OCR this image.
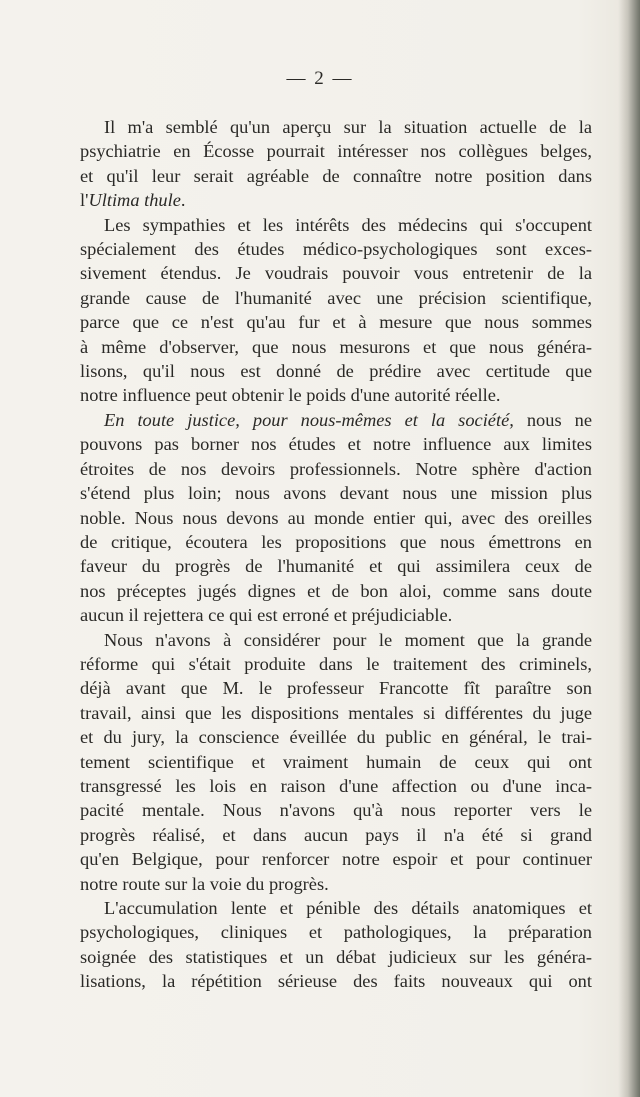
— 2 —
Il m'a semblé qu'un aperçu sur la situation actuelle de la
psychiatrie en Écosse pourrait intéresser nos collègues belges,
et qu'il leur serait agréable de connaître notre position dans
l'Ultima thule.
Les sympathies et les intérêts des médecins qui s'occupent
spécialement des études médico-psychologiques sont exces-
sivement étendus. Je voudrais pouvoir vous entretenir de la
grande cause de l'humanité avec une précision scientifique,
parce que ce n'est qu'au fur et à mesure que nous sommes
à même d'observer, que nous mesurons et que nous généra-
lisons, qu'il nous est donné de prédire avec certitude que
notre influence peut obtenir le poids d'une autorité réelle.
En toute justice, pour nous-mêmes et la société, nous ne
pouvons pas borner nos études et notre influence aux limites
étroites de nos devoirs professionnels. Notre sphère d'action
s'étend plus loin; nous avons devant nous une mission plus
noble. Nous nous devons au monde entier qui, avec des oreilles
de critique, écoutera les propositions que nous émettrons en
faveur du progrès de l'humanité et qui assimilera ceux de
nos préceptes jugés dignes et de bon aloi, comme sans doute
aucun il rejettera ce qui est erroné et préjudiciable.
Nous n'avons à considérer pour le moment que la grande
réforme qui s'était produite dans le traitement des criminels,
déjà avant que M. le professeur Francotte fît paraître son
travail, ainsi que les dispositions mentales si différentes du juge
et du jury, la conscience éveillée du public en général, le trai-
tement scientifique et vraiment humain de ceux qui ont
transgressé les lois en raison d'une affection ou d'une inca-
pacité mentale. Nous n'avons qu'à nous reporter vers le
progrès réalisé, et dans aucun pays il n'a été si grand
qu'en Belgique, pour renforcer notre espoir et pour continuer
notre route sur la voie du progrès.
L'accumulation lente et pénible des détails anatomiques et
psychologiques, cliniques et pathologiques, la préparation
soignée des statistiques et un débat judicieux sur les généra-
lisations, la répétition sérieuse des faits nouveaux qui ont
